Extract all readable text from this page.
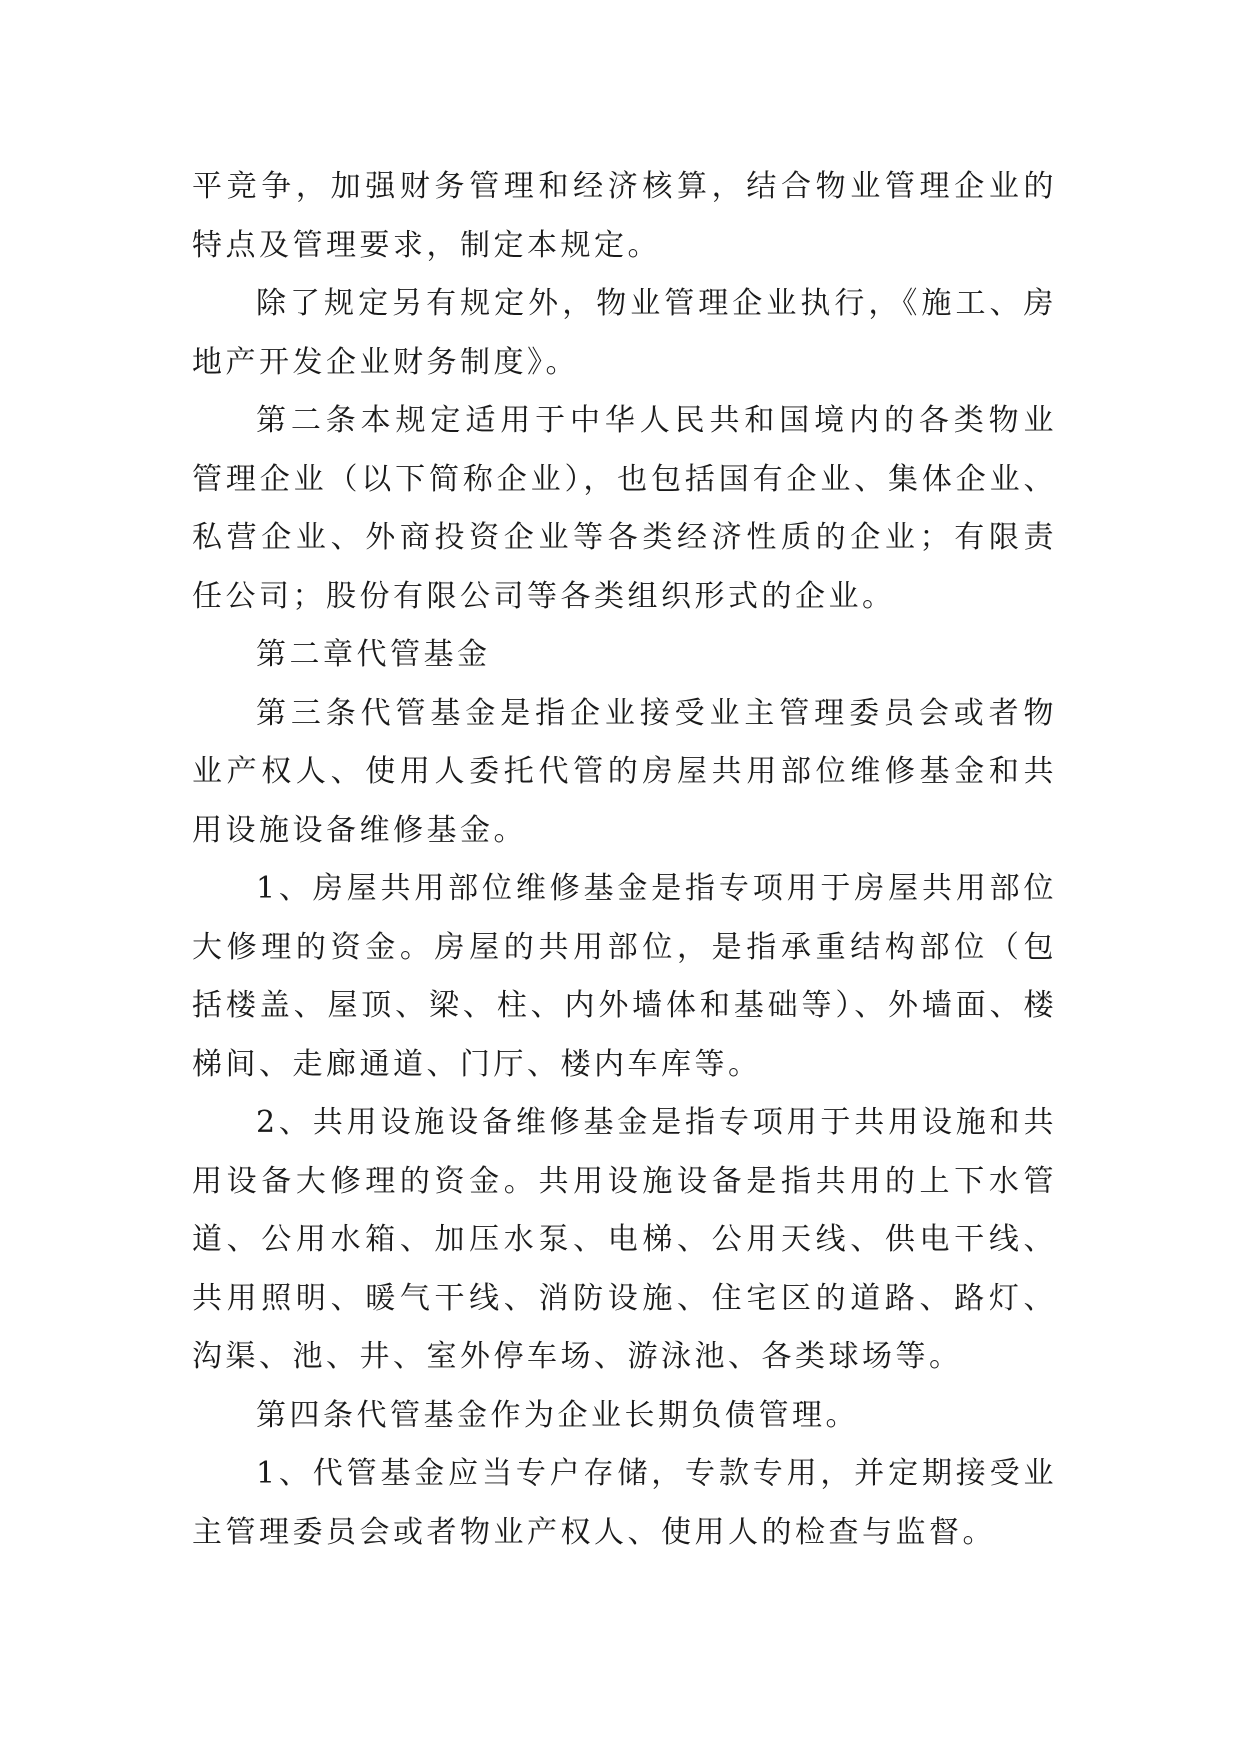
平竞争，加强财务管理和经济核算，结合物业管理企业的特点及管理要求，制定本规定。

除了规定另有规定外，物业管理企业执行，《施工、房地产开发企业财务制度》。

第二条本规定适用于中华人民共和国境内的各类物业管理企业（以下简称企业），也包括国有企业、集体企业、私营企业、外商投资企业等各类经济性质的企业；有限责任公司；股份有限公司等各类组织形式的企业。

第二章代管基金

第三条代管基金是指企业接受业主管理委员会或者物业产权人、使用人委托代管的房屋共用部位维修基金和共用设施设备维修基金。

1、房屋共用部位维修基金是指专项用于房屋共用部位大修理的资金。房屋的共用部位，是指承重结构部位（包括楼盖、屋顶、梁、柱、内外墙体和基础等）、外墙面、楼梯间、走廊通道、门厅、楼内车库等。

2、共用设施设备维修基金是指专项用于共用设施和共用设备大修理的资金。共用设施设备是指共用的上下水管道、公用水箱、加压水泵、电梯、公用天线、供电干线、共用照明、暖气干线、消防设施、住宅区的道路、路灯、沟渠、池、井、室外停车场、游泳池、各类球场等。

第四条代管基金作为企业长期负债管理。

1、代管基金应当专户存储，专款专用，并定期接受业主管理委员会或者物业产权人、使用人的检查与监督。
